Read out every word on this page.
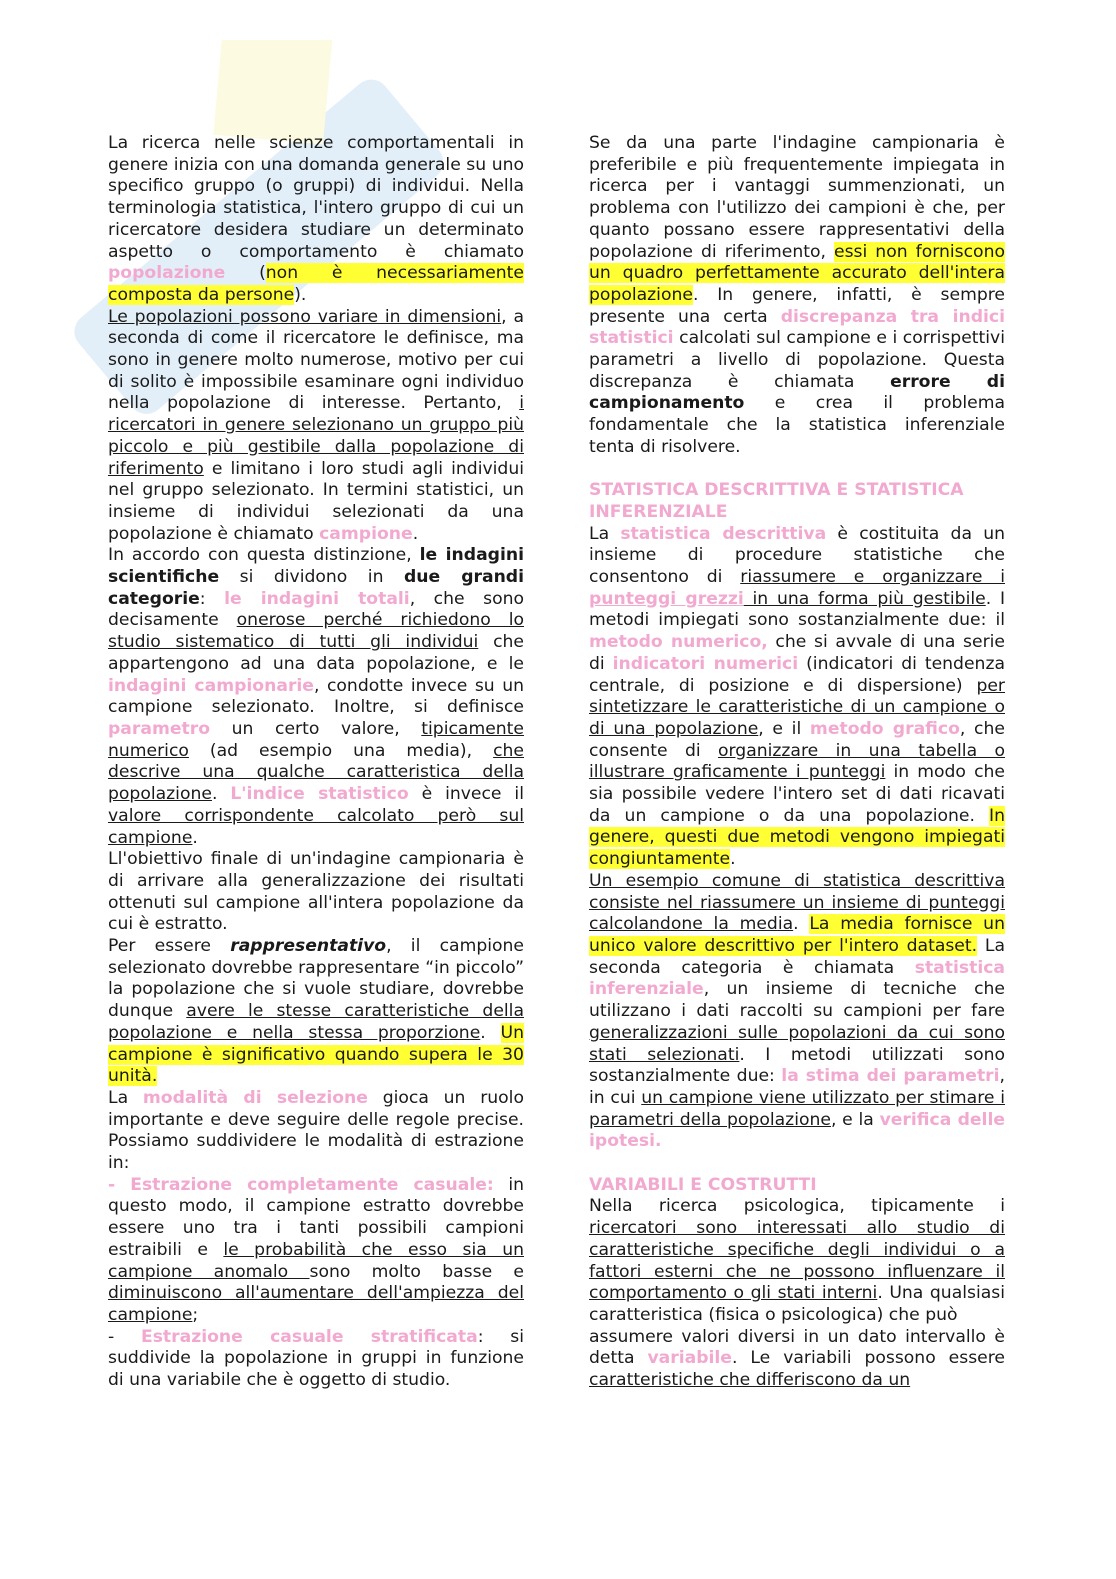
La ricerca nelle scienze comportamentali in genere inizia con una domanda generale su uno specifico gruppo (o gruppi) di individui. Nella terminologia statistica, l'intero gruppo di cui un ricercatore desidera studiare un determinato aspetto o comportamento è chiamato popolazione (non è necessariamente composta da persone).

Le popolazioni possono variare in dimensioni, a seconda di come il ricercatore le definisce, ma sono in genere molto numerose, motivo per cui di solito è impossibile esaminare ogni individuo nella popolazione di interesse. Pertanto, i ricercatori in genere selezionano un gruppo più piccolo e più gestibile dalla popolazione di riferimento e limitano i loro studi agli individui nel gruppo selezionato. In termini statistici, un insieme di individui selezionati da una popolazione è chiamato campione.

In accordo con questa distinzione, le indagini scientifiche si dividono in due grandi categorie: le indagini totali, che sono decisamente onerose perché richiedono lo studio sistematico di tutti gli individui che appartengono ad una data popolazione, e le indagini campionarie, condotte invece su un campione selezionato. Inoltre, si definisce parametro un certo valore, tipicamente numerico (ad esempio una media), che descrive una qualche caratteristica della popolazione. L'indice statistico è invece il valore corrispondente calcolato però sul campione.

Ll'obiettivo finale di un'indagine campionaria è di arrivare alla generalizzazione dei risultati ottenuti sul campione all'intera popolazione da cui è estratto.

Per essere rappresentativo, il campione selezionato dovrebbe rappresentare “in piccolo” la popolazione che si vuole studiare, dovrebbe dunque avere le stesse caratteristiche della popolazione e nella stessa proporzione. Un campione è significativo quando supera le 30 unità.

La modalità di selezione gioca un ruolo importante e deve seguire delle regole precise. Possiamo suddividere le modalità di estrazione in:

- Estrazione completamente casuale: in questo modo, il campione estratto dovrebbe essere uno tra i tanti possibili campioni estraibili e le probabilità che esso sia un campione anomalo sono molto basse e diminuiscono all'aumentare dell'ampiezza del campione;

- Estrazione casuale stratificata: si suddivide la popolazione in gruppi in funzione di una variabile che è oggetto di studio.

Se da una parte l'indagine campionaria è preferibile e più frequentemente impiegata in ricerca per i vantaggi summenzionati, un problema con l'utilizzo dei campioni è che, per quanto possano essere rappresentativi della popolazione di riferimento, essi non forniscono un quadro perfettamente accurato dell'intera popolazione. In genere, infatti, è sempre presente una certa discrepanza tra indici statistici calcolati sul campione e i corrispettivi parametri a livello di popolazione. Questa discrepanza è chiamata errore di campionamento e crea il problema fondamentale che la statistica inferenziale tenta di risolvere.

STATISTICA DESCRITTIVA E STATISTICA INFERENZIALE

La statistica descrittiva è costituita da un insieme di procedure statistiche che consentono di riassumere e organizzare i punteggi grezzi in una forma più gestibile. I metodi impiegati sono sostanzialmente due: il metodo numerico, che si avvale di una serie di indicatori numerici (indicatori di tendenza centrale, di posizione e di dispersione) per sintetizzare le caratteristiche di un campione o di una popolazione, e il metodo grafico, che consente di organizzare in una tabella o illustrare graficamente i punteggi in modo che sia possibile vedere l'intero set di dati ricavati da un campione o da una popolazione. In genere, questi due metodi vengono impiegati congiuntamente.

Un esempio comune di statistica descrittiva consiste nel riassumere un insieme di punteggi calcolandone la media. La media fornisce un unico valore descrittivo per l'intero dataset. La seconda categoria è chiamata statistica inferenziale, un insieme di tecniche che utilizzano i dati raccolti su campioni per fare generalizzazioni sulle popolazioni da cui sono stati selezionati. I metodi utilizzati sono sostanzialmente due: la stima dei parametri, in cui un campione viene utilizzato per stimare i parametri della popolazione, e la verifica delle ipotesi.

VARIABILI E COSTRUTTI

Nella ricerca psicologica, tipicamente i ricercatori sono interessati allo studio di caratteristiche specifiche degli individui o a fattori esterni che ne possono influenzare il comportamento o gli stati interni. Una qualsiasi caratteristica (fisica o psicologica) che può

assumere valori diversi in un dato intervallo è detta variabile. Le variabili possono essere caratteristiche che differiscono da un
